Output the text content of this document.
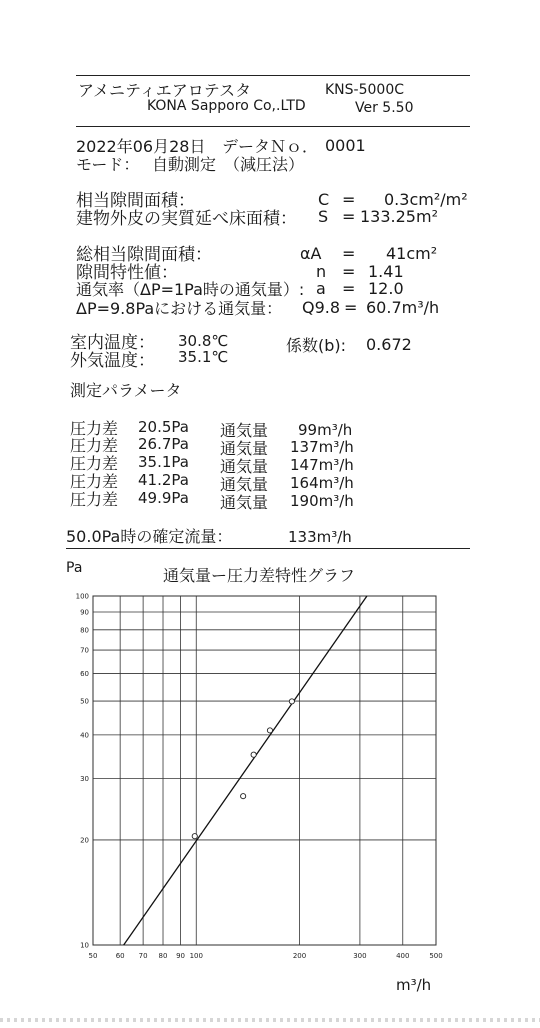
アメニティエアロテスタ	KNS-5000C
KONA Sapporo Co,.LTD	Ver 5.50
2022年06月28日 データＮｏ． 0001
モード： 自動測定　（減圧法）
相当隙間面積：	C = 0.3cm²/m²
建物外皮の実質延べ床面積： S = 133.25m²
総相当隙間面積：	αA = 41cm²
隙間特性値：	n = 1.41
通気率（ΔP=1Pa時の通気量）: a = 12.0
ΔP=9.8Paにおける通気量： Q9.8 = 60.7m³/h
室内温度： 30.8℃
外気温度： 35.1℃
係数(b): 0.672
測定パラメータ
圧力差 20.5Pa 通気量 99m³/h
圧力差 26.7Pa 通気量 137m³/h
圧力差 35.1Pa 通気量 147m³/h
圧力差 41.2Pa 通気量 164m³/h
圧力差 49.9Pa 通気量 190m³/h
50.0Pa時の確定流量：	133m³/h
Pa	通気量ー圧力差特性グラフ
m³/h
50	60 70 80 90 100	200	300	400	500
10
20
30
40
50
60
70
80
90
100
